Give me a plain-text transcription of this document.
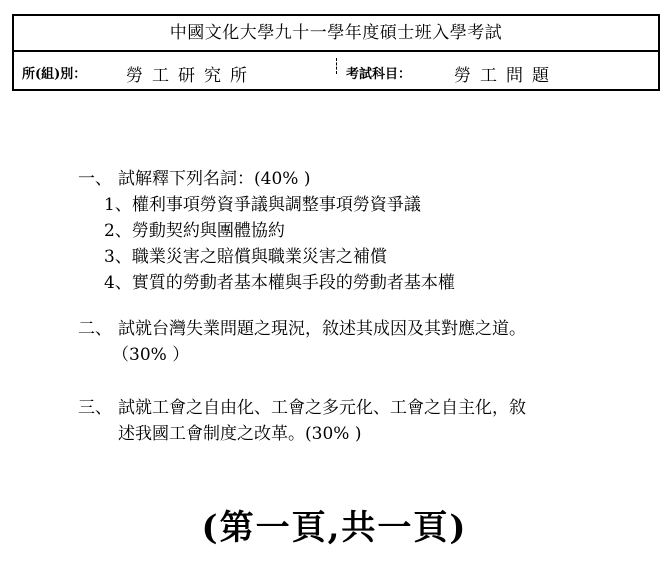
中國文化大學九十一學年度碩士班入學考試
所(組)別： 勞工研究所	考試科目：	勞工問題
一、 試解釋下列名詞：(40% )
1、權利事項勞資爭議與調整事項勞資爭議
2、勞動契約與團體協約
3、職業災害之賠償與職業災害之補償
4、實質的勞動者基本權與手段的勞動者基本權
二、 試就台灣失業問題之現況，敘述其成因及其對應之道。
（30% ）
三、 試就工會之自由化、工會之多元化、工會之自主化，敘
述我國工會制度之改革。(30% )
(第一頁,共一頁)
